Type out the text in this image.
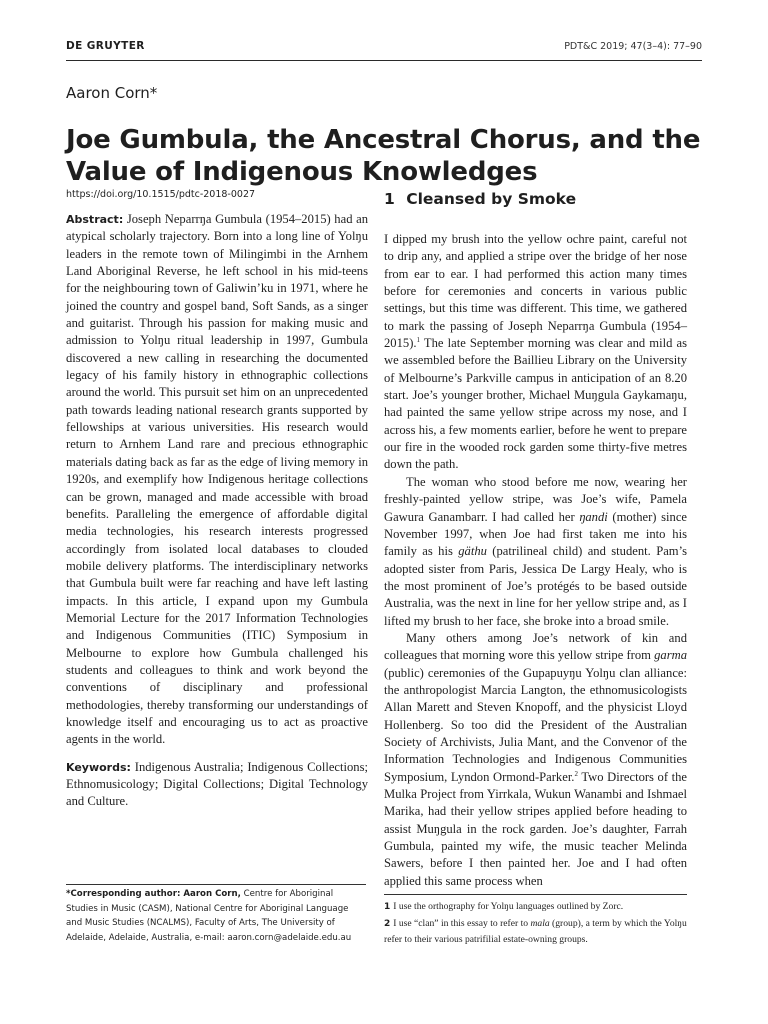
DE GRUYTER	PDT&C 2019; 47(3–4): 77–90
Aaron Corn*
Joe Gumbula, the Ancestral Chorus, and the Value of Indigenous Knowledges
https://doi.org/10.1515/pdtc-2018-0027

Abstract: Joseph Neparrŋa Gumbula (1954–2015) had an atypical scholarly trajectory. Born into a long line of Yolŋu leaders in the remote town of Milingimbi in the Arnhem Land Aboriginal Reverse, he left school in his mid-teens for the neighbouring town of Galiwin’ku in 1971, where he joined the country and gospel band, Soft Sands, as a singer and guitarist. Through his passion for making music and admission to Yolŋu ritual leadership in 1997, Gumbula discovered a new calling in researching the documented legacy of his family history in ethnographic collections around the world. This pursuit set him on an unprecedented path towards leading national research grants supported by fellowships at various universities. His research would return to Arnhem Land rare and precious ethnographic materials dating back as far as the edge of living memory in 1920s, and exemplify how Indigenous heritage collections can be grown, managed and made accessible with broad benefits. Paralleling the emergence of affordable digital media technologies, his research interests progressed accordingly from isolated local databases to clouded mobile delivery platforms. The interdisciplinary networks that Gumbula built were far reaching and have left lasting impacts. In this article, I expand upon my Gumbula Memorial Lecture for the 2017 Information Technologies and Indigenous Communities (ITIC) Symposium in Melbourne to explore how Gumbula challenged his students and colleagues to think and work beyond the conventions of disciplinary and professional methodologies, thereby transforming our understandings of knowledge itself and encouraging us to act as proactive agents in the world.

Keywords: Indigenous Australia; Indigenous Collections; Ethnomusicology; Digital Collections; Digital Technology and Culture.

1 Cleansed by Smoke

I dipped my brush into the yellow ochre paint, careful not to drip any, and applied a stripe over the bridge of her nose from ear to ear. I had performed this action many times before for ceremonies and concerts in various public settings, but this time was different. This time, we gathered to mark the passing of Joseph Neparrŋa Gumbula (1954–2015).$^1$ The late September morning was clear and mild as we assembled before the Baillieu Library on the University of Melbourne’s Parkville campus in anticipation of an 8.20 start. Joe’s younger brother, Michael Muŋgula Gaykamaŋu, had painted the same yellow stripe across my nose, and I across his, a few moments earlier, before he went to prepare our fire in the wooded rock garden some thirty-five metres down the path.

The woman who stood before me now, wearing her freshly-painted yellow stripe, was Joe’s wife, Pamela Gawura Ganambarr. I had called her ŋandi (mother) since November 1997, when Joe had first taken me into his family as his gäthu (patrilineal child) and student. Pam’s adopted sister from Paris, Jessica De Largy Healy, who is the most prominent of Joe’s protégés to be based outside Australia, was the next in line for her yellow stripe and, as I lifted my brush to her face, she broke into a broad smile.

Many others among Joe’s network of kin and colleagues that morning wore this yellow stripe from garma (public) ceremonies of the Gupapuyŋu Yolŋu clan alliance: the anthropologist Marcia Langton, the ethnomusicologists Allan Marett and Steven Knopoff, and the physicist Lloyd Hollenberg. So too did the President of the Australian Society of Archivists, Julia Mant, and the Convenor of the Information Technologies and Indigenous Communities Symposium, Lyndon Ormond-Parker.$^2$ Two Directors of the Mulka Project from Yirrkala, Wukun Wanambi and Ishmael Marika, had their yellow stripes applied before heading to assist Muŋgula in the rock garden. Joe’s daughter, Farrah Gumbula, painted my wife, the music teacher Melinda Sawers, before I then painted her. Joe and I had often applied this same process when

*Corresponding author: Aaron Corn, Centre for Aboriginal Studies in Music (CASM), National Centre for Aboriginal Language and Music Studies (NCALMS), Faculty of Arts, The University of Adelaide, Adelaide, Australia, e-mail: aaron.corn@adelaide.edu.au
1 I use the orthography for Yolŋu languages outlined by Zorc.
2 I use “clan” in this essay to refer to mala (group), a term by which the Yolŋu refer to their various patrifilial estate-owning groups.
